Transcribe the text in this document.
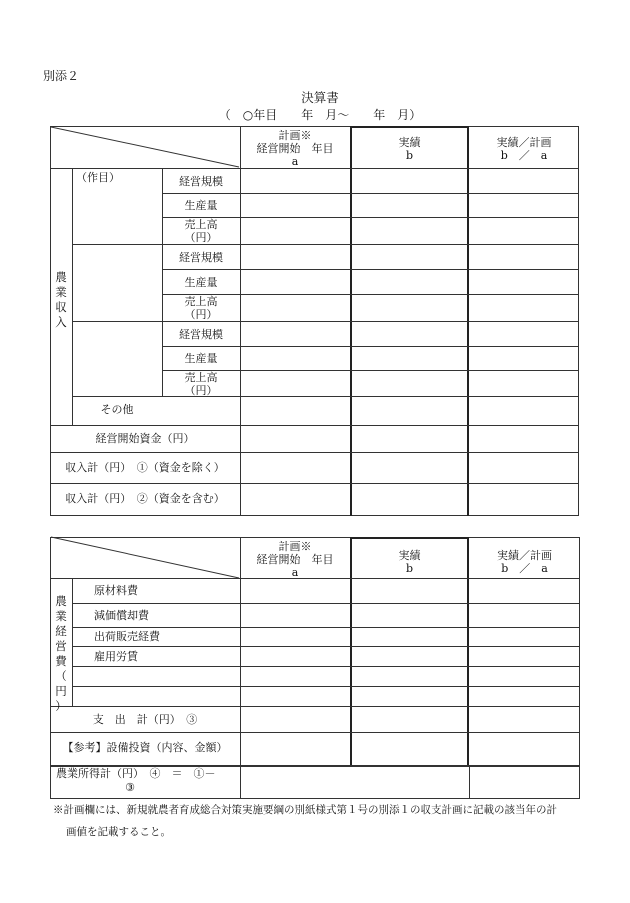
別添２
決算書
（　○年目　　年　月～　　年　月）
計画※
経営開始　年目
a
実績
b
実績／計画
b　／　a
農
業
収
入
（作目）	経営規模
生産量
売上高
（円）
経営規模
生産量
売上高
（円）
経営規模
生産量
売上高
（円）
その他
経営開始資金（円）
収入計（円）　①（資金を除く）
収入計（円）　②（資金を含む）
計画※
経営開始　年目
a
実績
b
実績／計画
b　／　a
農
業
経
営
費
（
円
）
原材料費
減価償却費
出荷販売経費
雇用労賃
支　出　計（円）　③
【参考】設備投資（内容、金額）
農業所得計（円）　④　＝　①－
③
※計画欄には、新規就農者育成総合対策実施要綱の別紙様式第１号の別添１の収支計画に記載の該当年の計
画値を記載すること。
